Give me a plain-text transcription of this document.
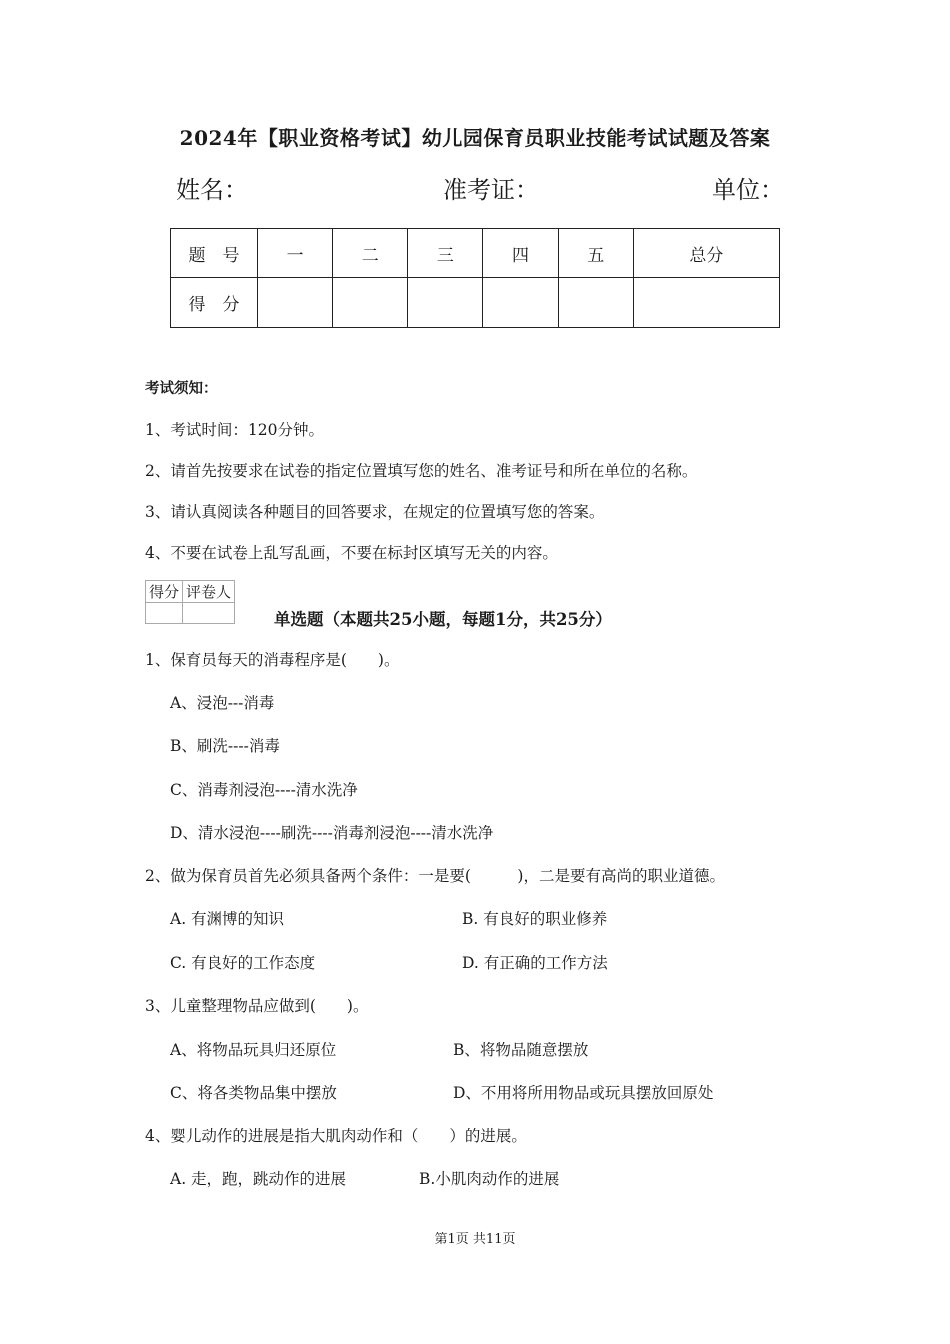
2024年【职业资格考试】幼儿园保育员职业技能考试试题及答案
姓名：	准考证：	单位：
题　号	一	二	三	四	五	总分
得　分						
考试须知：
1、考试时间：120分钟。
2、请首先按要求在试卷的指定位置填写您的姓名、准考证号和所在单位的名称。
3、请认真阅读各种题目的回答要求，在规定的位置填写您的答案。
4、不要在试卷上乱写乱画，不要在标封区填写无关的内容。
得分	评卷人

单选题（本题共25小题，每题1分，共25分）
1、保育员每天的消毒程序是(　　)。
A、浸泡---消毒
B、刷洗----消毒
C、消毒剂浸泡----清水洗净
D、清水浸泡----刷洗----消毒剂浸泡----清水洗净
2、做为保育员首先必须具备两个条件：一是要(　　　)，二是要有高尚的职业道德。
A. 有渊博的知识	B. 有良好的职业修养
C. 有良好的工作态度	D. 有正确的工作方法
3、儿童整理物品应做到(　　)。
A、将物品玩具归还原位	B、将物品随意摆放
C、将各类物品集中摆放	D、不用将所用物品或玩具摆放回原处
4、婴儿动作的进展是指大肌肉动作和（　　）的进展。
A. 走，跑，跳动作的进展	B.小肌肉动作的进展
第1页 共11页
